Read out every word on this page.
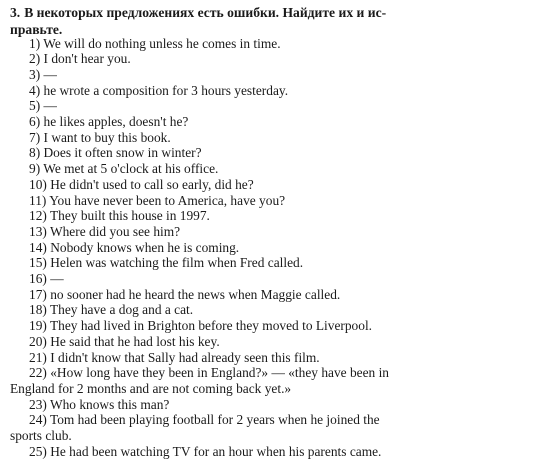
3. В некоторых предложениях есть ошибки. Найдите их и ис-
правьте.
1) We will do nothing unless he comes in time.
2) I don't hear you.
3) —
4) he wrote a composition for 3 hours yesterday.
5) —
6) he likes apples, doesn't he?
7) I want to buy this book.
8) Does it often snow in winter?
9) We met at 5 o'clock at his office.
10) He didn't used to call so early, did he?
11) You have never been to America, have you?
12) They built this house in 1997.
13) Where did you see him?
14) Nobody knows when he is coming.
15) Helen was watching the film when Fred called.
16) —
17) no sooner had he heard the news when Maggie called.
18) They have a dog and a cat.
19) They had lived in Brighton before they moved to Liverpool.
20) He said that he had lost his key.
21) I didn't know that Sally had already seen this film.
22) «How long have they been in England?» — «they have been in
England for 2 months and are not coming back yet.»
23) Who knows this man?
24) Tom had been playing football for 2 years when he joined the
sports club.
25) He had been watching TV for an hour when his parents came.
